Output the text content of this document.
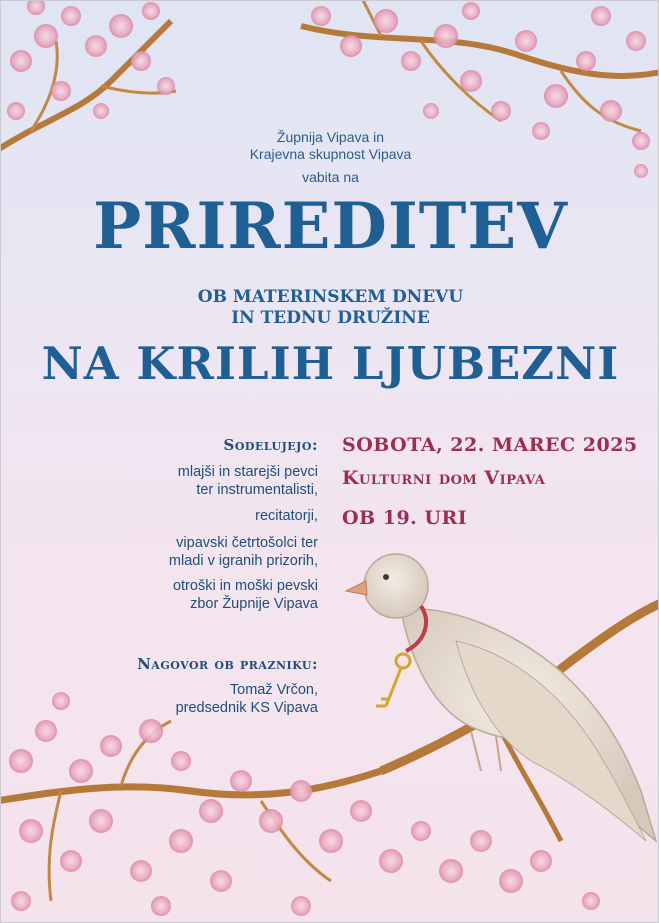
Župnija Vipava in

Krajevna skupnost Vipava

vabita na

PRIREDITEV

OB MATERINSKEM DNEVU

IN TEDNU DRUŽINE

NA KRILIH LJUBEZNI

Sodelujejo:

mlajši in starejši pevci

ter instrumentalisti,

recitatorji,

vipavski četrtošolci ter

mladi v igranih prizorih,

otroški in moški pevski

zbor Župnije Vipava

Nagovor ob prazniku:

Tomaž Vrčon,

predsednik KS Vipava

SOBOTA, 22. MAREC 2025

Kulturni dom Vipava

OB 19. URI
